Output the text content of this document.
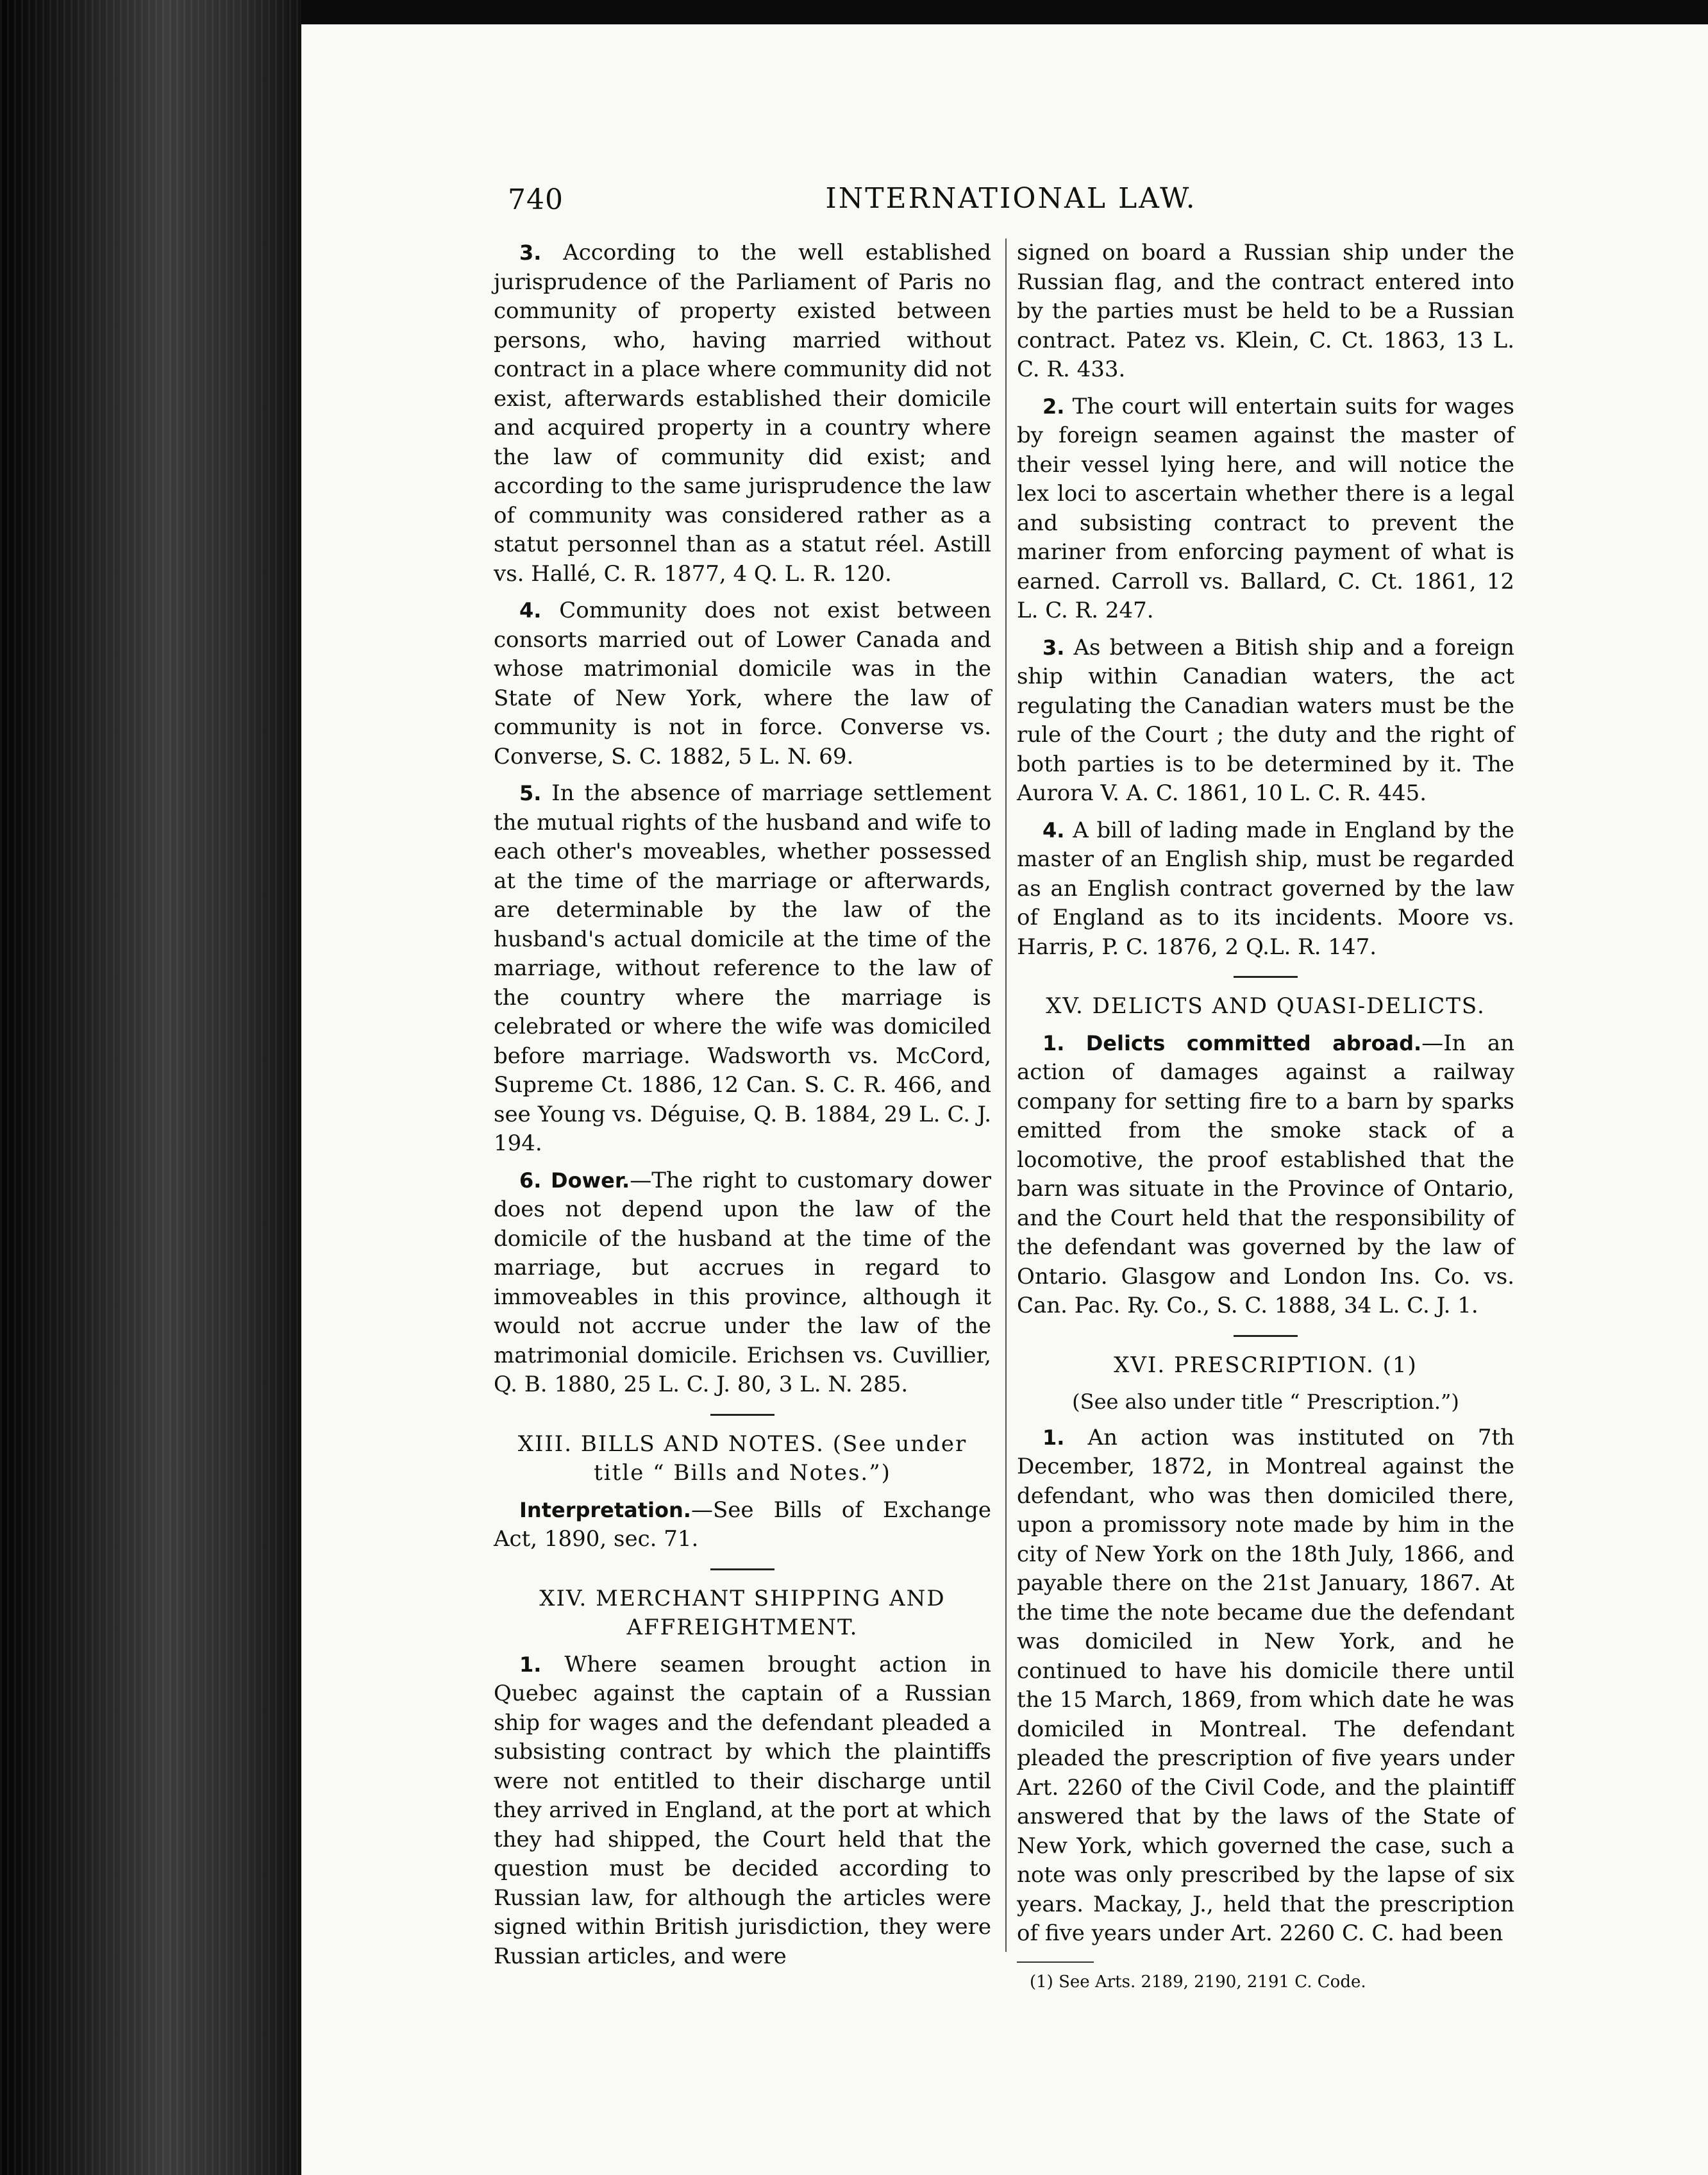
740	INTERNATIONAL LAW.

3. According to the well established jurisprudence of the Parliament of Paris no community of property existed between persons, who, having married without contract in a place where community did not exist, afterwards established their domicile and acquired property in a country where the law of community did exist; and according to the same jurisprudence the law of community was considered rather as a statut personnel than as a statut réel. Astill vs. Hallé, C. R. 1877, 4 Q. L. R. 120.

4. Community does not exist between consorts married out of Lower Canada and whose matrimonial domicile was in the State of New York, where the law of community is not in force. Converse vs. Converse, S. C. 1882, 5 L. N. 69.

5. In the absence of marriage settlement the mutual rights of the husband and wife to each other's moveables, whether possessed at the time of the marriage or afterwards, are determinable by the law of the husband's actual domicile at the time of the marriage, without reference to the law of the country where the marriage is celebrated or where the wife was domiciled before marriage. Wadsworth vs. McCord, Supreme Ct. 1886, 12 Can. S. C. R. 466, and see Young vs. Déguise, Q. B. 1884, 29 L. C. J. 194.

6. Dower.—The right to customary dower does not depend upon the law of the domicile of the husband at the time of the marriage, but accrues in regard to immoveables in this province, although it would not accrue under the law of the matrimonial domicile. Erichsen vs. Cuvillier, Q. B. 1880, 25 L. C. J. 80, 3 L. N. 285.

XIII. BILLS AND NOTES. (See under title “ Bills and Notes.”)

Interpretation.—See Bills of Exchange Act, 1890, sec. 71.

XIV. MERCHANT SHIPPING AND AFFREIGHTMENT.

1. Where seamen brought action in Quebec against the captain of a Russian ship for wages and the defendant pleaded a subsisting contract by which the plaintiffs were not entitled to their discharge until they arrived in England, at the port at which they had shipped, the Court held that the question must be decided according to Russian law, for although the articles were signed within British jurisdiction, they were Russian articles, and were

signed on board a Russian ship under the Russian flag, and the contract entered into by the parties must be held to be a Russian contract. Patez vs. Klein, C. Ct. 1863, 13 L. C. R. 433.

2. The court will entertain suits for wages by foreign seamen against the master of their vessel lying here, and will notice the lex loci to ascertain whether there is a legal and subsisting contract to prevent the mariner from enforcing payment of what is earned. Carroll vs. Ballard, C. Ct. 1861, 12 L. C. R. 247.

3. As between a Bitish ship and a foreign ship within Canadian waters, the act regulating the Canadian waters must be the rule of the Court ; the duty and the right of both parties is to be determined by it. The Aurora V. A. C. 1861, 10 L. C. R. 445.

4. A bill of lading made in England by the master of an English ship, must be regarded as an English contract governed by the law of England as to its incidents. Moore vs. Harris, P. C. 1876, 2 Q.L. R. 147.

XV. DELICTS AND QUASI-DELICTS.

1. Delicts committed abroad.—In an action of damages against a railway company for setting fire to a barn by sparks emitted from the smoke stack of a locomotive, the proof established that the barn was situate in the Province of Ontario, and the Court held that the responsibility of the defendant was governed by the law of Ontario. Glasgow and London Ins. Co. vs. Can. Pac. Ry. Co., S. C. 1888, 34 L. C. J. 1.

XVI. PRESCRIPTION. (1)
(See also under title “ Prescription.”)

1. An action was instituted on 7th December, 1872, in Montreal against the defendant, who was then domiciled there, upon a promissory note made by him in the city of New York on the 18th July, 1866, and payable there on the 21st January, 1867. At the time the note became due the defendant was domiciled in New York, and he continued to have his domicile there until the 15 March, 1869, from which date he was domiciled in Montreal. The defendant pleaded the prescription of five years under Art. 2260 of the Civil Code, and the plaintiff answered that by the laws of the State of New York, which governed the case, such a note was only prescribed by the lapse of six years. Mackay, J., held that the prescription of five years under Art. 2260 C. C. had been

(1) See Arts. 2189, 2190, 2191 C. Code.
